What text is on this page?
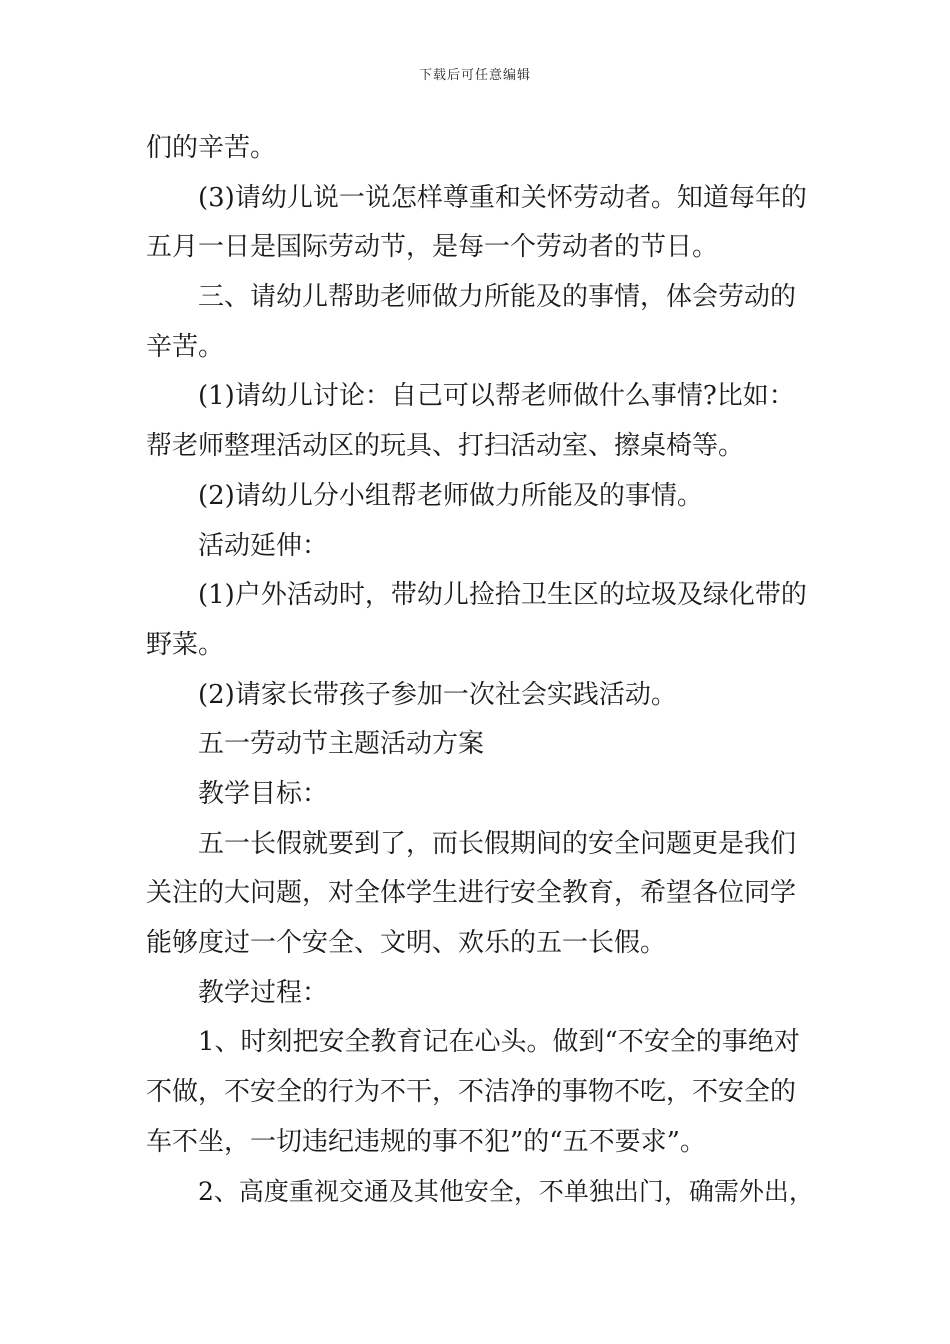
下载后可任意编辑
们的辛苦。
(3)请幼儿说一说怎样尊重和关怀劳动者。知道每年的
五月一日是国际劳动节，是每一个劳动者的节日。
三、请幼儿帮助老师做力所能及的事情，体会劳动的
辛苦。
(1)请幼儿讨论：自己可以帮老师做什么事情?比如：
帮老师整理活动区的玩具、打扫活动室、擦桌椅等。
(2)请幼儿分小组帮老师做力所能及的事情。
活动延伸：
(1)户外活动时，带幼儿捡拾卫生区的垃圾及绿化带的
野菜。
(2)请家长带孩子参加一次社会实践活动。
五一劳动节主题活动方案
教学目标：
五一长假就要到了，而长假期间的安全问题更是我们
关注的大问题，对全体学生进行安全教育，希望各位同学
能够度过一个安全、文明、欢乐的五一长假。
教学过程：
1、时刻把安全教育记在心头。做到“不安全的事绝对
不做，不安全的行为不干，不洁净的事物不吃，不安全的
车不坐，一切违纪违规的事不犯”的“五不要求”。
2、高度重视交通及其他安全，不单独出门，确需外出，
